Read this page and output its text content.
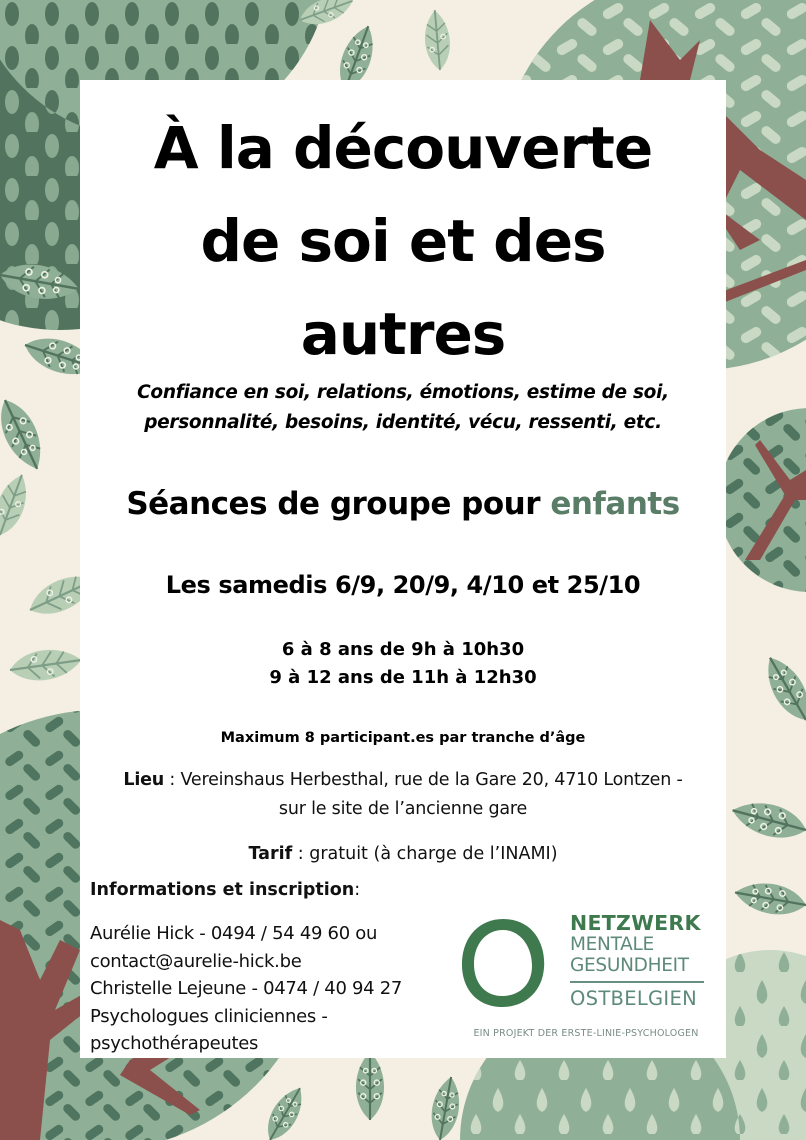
À la découverte
de soi et des
autres
Confiance en soi, relations, émotions, estime de soi,
personnalité, besoins, identité, vécu, ressenti, etc.
Séances de groupe pour enfants
Les samedis 6/9, 20/9, 4/10 et 25/10
6 à 8 ans de 9h à 10h30
9 à 12 ans de 11h à 12h30
Maximum 8 participant.es par tranche d’âge
Lieu : Vereinshaus Herbesthal, rue de la Gare 20, 4710 Lontzen -
sur le site de l’ancienne gare
Tarif : gratuit (à charge de l’INAMI)
Informations et inscription:
Aurélie Hick - 0494 / 54 49 60 ou
contact@aurelie-hick.be
Christelle Lejeune - 0474 / 40 94 27
Psychologues cliniciennes -
psychothérapeutes
NETZWERK
MENTALE
GESUNDHEIT
OSTBELGIEN
EIN PROJEKT DER ERSTE-LINIE-PSYCHOLOGEN
